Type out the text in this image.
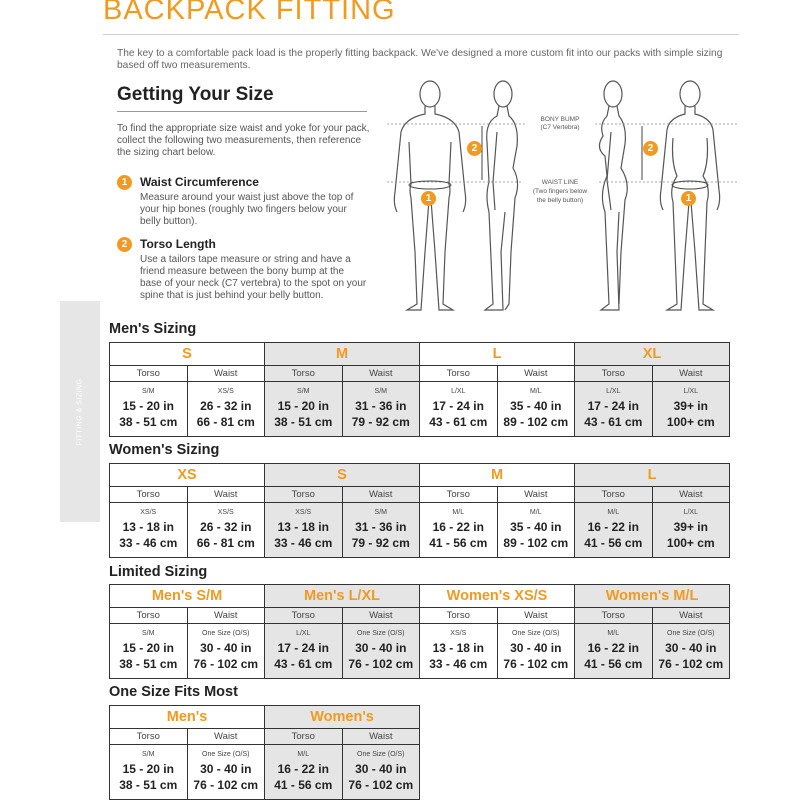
BACKPACK FITTING

The key to a comfortable pack load is the properly fitting backpack. We've designed a more custom fit into our packs with simple sizing based off two measurements.

Getting Your Size

To find the appropriate size waist and yoke for your pack, collect the following two measurements, then reference the sizing chart below.

1	Waist Circumference

Measure around your waist just above the top of your hip bones (roughly two fingers below your belly button).

2	Torso Length

Use a tailors tape measure or string and have a friend measure between the bony bump at the base of your neck (C7 vertebra) to the spot on your spine that is just behind your belly button.

FITTING & SIZING
2	2
1	1
BONY BUMP
(C7 Vertebra)
WAIST LINE
(Two fingers below
the belly button)
Men's Sizing
S		M		L		XL	
Torso	Waist	Torso	Waist	Torso	Waist	Torso	Waist

S/M
15 - 20 in
38 - 51 cm	XS/S
26 - 32 in
66 - 81 cm	S/M
15 - 20 in
38 - 51 cm	S/M
31 - 36 in
79 - 92 cm	L/XL
17 - 24 in
43 - 61 cm	M/L
35 - 40 in
89 - 102 cm	L/XL
17 - 24 in
43 - 61 cm	L/XL
39+ in
100+ cm
Women's Sizing
XS		S		M		L	
Torso	Waist	Torso	Waist	Torso	Waist	Torso	Waist

XS/S
13 - 18 in
33 - 46 cm	XS/S
26 - 32 in
66 - 81 cm	XS/S
13 - 18 in
33 - 46 cm	S/M
31 - 36 in
79 - 92 cm	M/L
16 - 22 in
41 - 56 cm	M/L
35 - 40 in
89 - 102 cm	M/L
16 - 22 in
41 - 56 cm	L/XL
39+ in
100+ cm
Limited Sizing
Men's S/M		Men's L/XL		Women's XS/S		Women's M/L	
Torso	Waist	Torso	Waist	Torso	Waist	Torso	Waist

S/M
15 - 20 in
38 - 51 cm	One Size (O/S)
30 - 40 in
76 - 102 cm	L/XL
17 - 24 in
43 - 61 cm	One Size (O/S)
30 - 40 in
76 - 102 cm	XS/S
13 - 18 in
33 - 46 cm	One Size (O/S)
30 - 40 in
76 - 102 cm	M/L
16 - 22 in
41 - 56 cm	One Size (O/S)
30 - 40 in
76 - 102 cm
One Size Fits Most
Men's		Women's	
Torso	Waist	Torso	Waist

S/M
15 - 20 in
38 - 51 cm	One Size (O/S)
30 - 40 in
76 - 102 cm	M/L
16 - 22 in
41 - 56 cm	One Size (O/S)
30 - 40 in
76 - 102 cm
